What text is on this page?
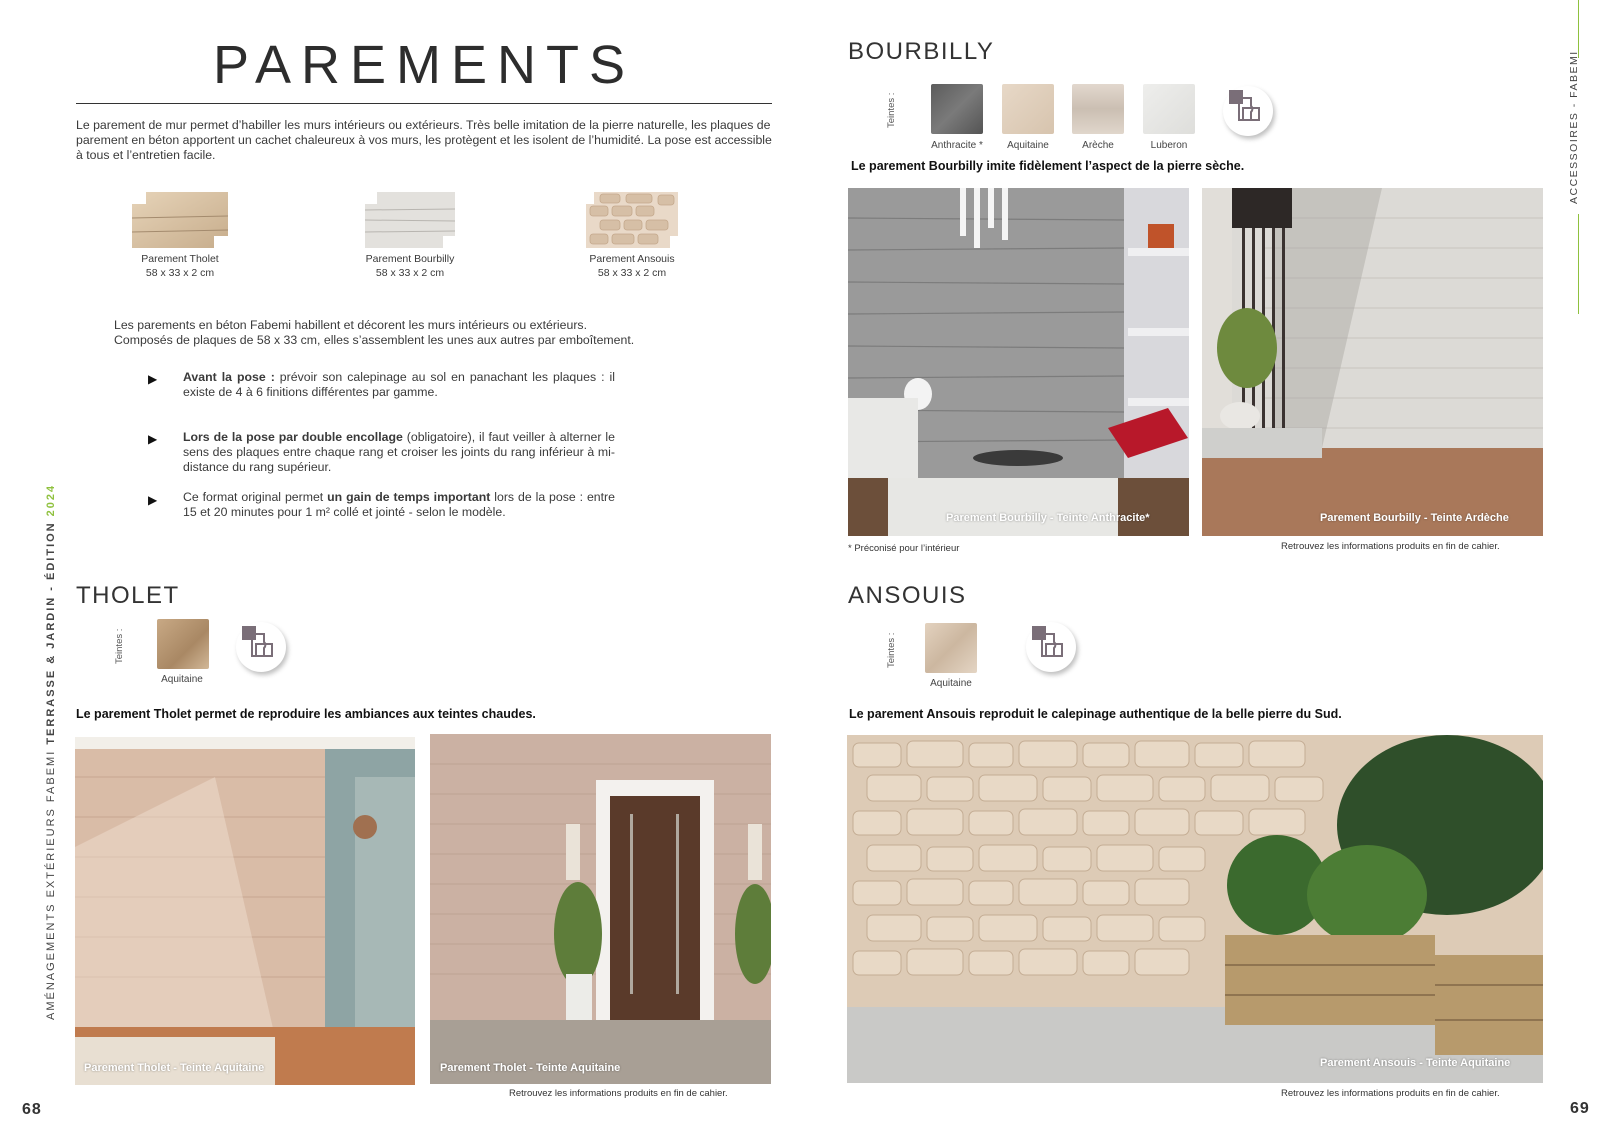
PAREMENTS
Le parement de mur permet d’habiller les murs intérieurs ou extérieurs. Très belle imitation de la pierre naturelle, les plaques de parement en béton apportent un cachet chaleureux à vos murs, les protègent et les isolent de l’humidité. La pose est accessible à tous et l’entretien facile.
Parement Tholet
58 x 33 x 2 cm
Parement Bourbilly
58 x 33 x 2 cm
Parement Ansouis
58 x 33 x 2 cm
Les parements en béton Fabemi habillent et décorent les murs intérieurs ou extérieurs.
Composés de plaques de 58 x 33 cm, elles s’assemblent les unes aux autres par emboîtement.
▶ Avant la pose : prévoir son calepinage au sol en panachant les plaques : il existe de 4 à 6 finitions différentes par gamme.
▶ Lors de la pose par double encollage (obligatoire), il faut veiller à alterner le sens des plaques entre chaque rang et croiser les joints du rang inférieur à mi-distance du rang supérieur.
▶ Ce format original permet un gain de temps important lors de la pose : entre 15 et 20 minutes pour 1 m² collé et jointé - selon le modèle.
THOLET
Teintes :
Aquitaine
Le parement Tholet permet de reproduire les ambiances aux teintes chaudes.
Parement Tholet - Teinte Aquitaine	Parement Tholet - Teinte Aquitaine
Retrouvez les informations produits en fin de cahier.
AMÉNAGEMENTS EXTÉRIEURS FABEMI TERRASSE & JARDIN - ÉDITION 2024
68
BOURBILLY
Teintes :
Anthracite *	Aquitaine	Arèche	Luberon
Le parement Bourbilly imite fidèlement l’aspect de la pierre sèche.
Parement Bourbilly - Teinte Anthracite*	Parement Bourbilly - Teinte Ardèche
* Préconisé pour l’intérieur	Retrouvez les informations produits en fin de cahier.
ANSOUIS
Teintes :
Aquitaine
Le parement Ansouis reproduit le calepinage authentique de la belle pierre du Sud.
Parement Ansouis - Teinte Aquitaine
Retrouvez les informations produits en fin de cahier.
ACCESSOIRES - FABEMI
69
